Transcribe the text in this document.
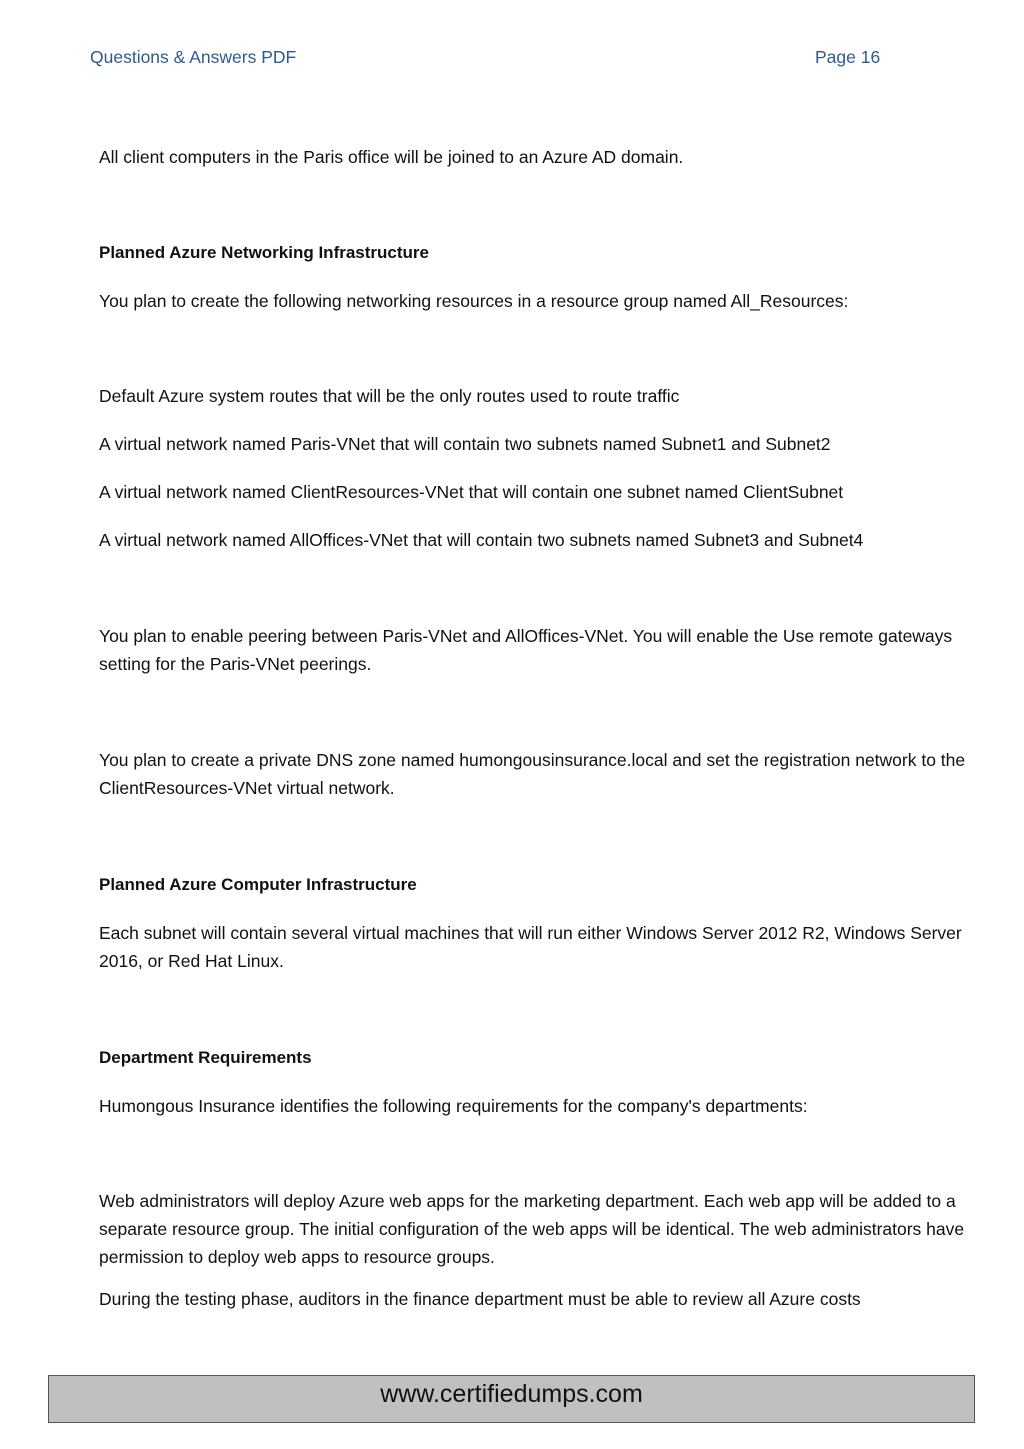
Questions & Answers PDF	Page 16
All client computers in the Paris office will be joined to an Azure AD domain.
Planned Azure Networking Infrastructure
You plan to create the following networking resources in a resource group named All_Resources:
Default Azure system routes that will be the only routes used to route traffic
A virtual network named Paris-VNet that will contain two subnets named Subnet1 and Subnet2
A virtual network named ClientResources-VNet that will contain one subnet named ClientSubnet
A virtual network named AllOffices-VNet that will contain two subnets named Subnet3 and Subnet4
You plan to enable peering between Paris-VNet and AllOffices-VNet. You will enable the Use remote gateways setting for the Paris-VNet peerings.
You plan to create a private DNS zone named humongousinsurance.local and set the registration network to the ClientResources-VNet virtual network.
Planned Azure Computer Infrastructure
Each subnet will contain several virtual machines that will run either Windows Server 2012 R2, Windows Server 2016, or Red Hat Linux.
Department Requirements
Humongous Insurance identifies the following requirements for the company's departments:
Web administrators will deploy Azure web apps for the marketing department. Each web app will be added to a separate resource group. The initial configuration of the web apps will be identical. The web administrators have permission to deploy web apps to resource groups.
During the testing phase, auditors in the finance department must be able to review all Azure costs
www.certifiedumps.com
